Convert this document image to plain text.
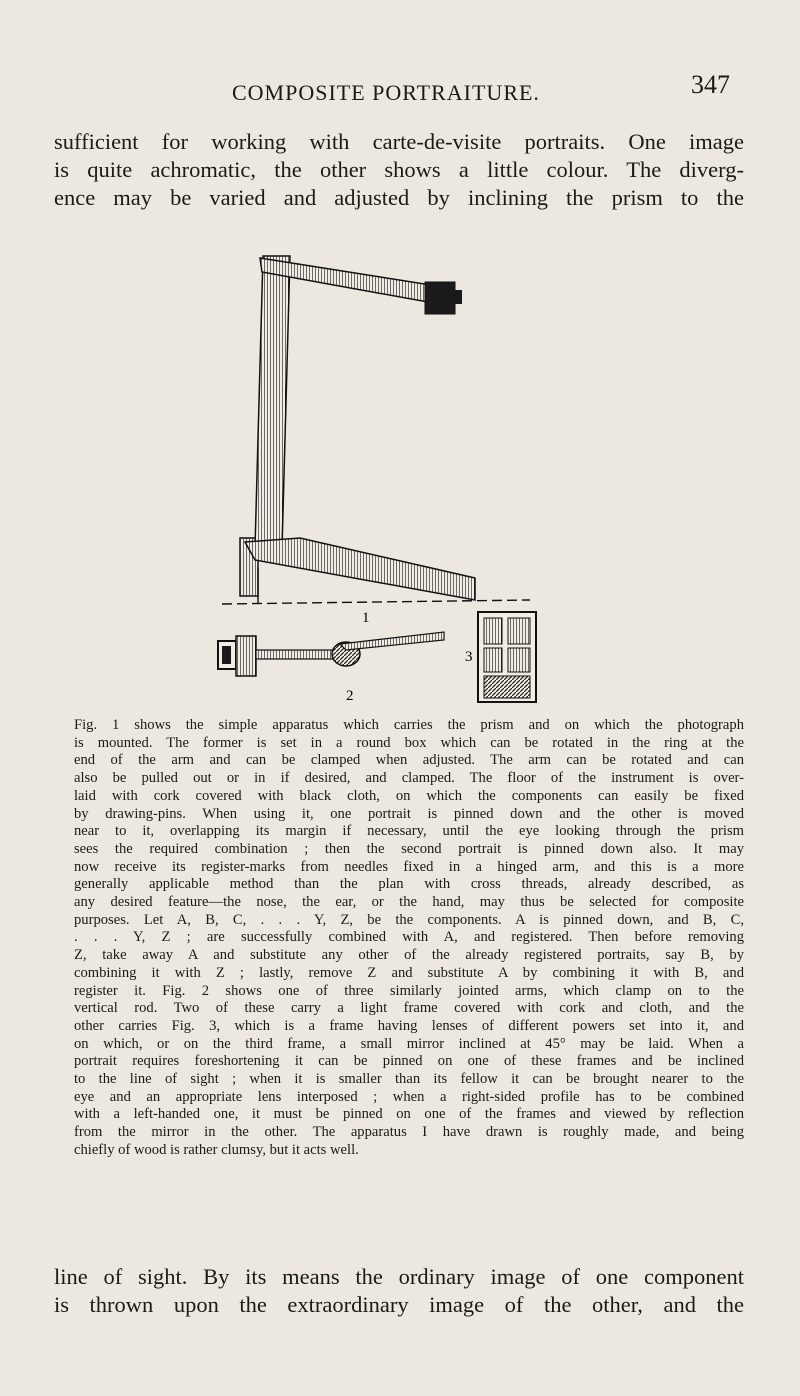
COMPOSITE PORTRAITURE.	347

sufficient for working with carte-de-visite portraits. One image
is quite achromatic, the other shows a little colour. The diverg-
ence may be varied and adjusted by inclining the prism to the

1
2
3

Fig. 1 shows the simple apparatus which carries the prism and on which the photograph
is mounted. The former is set in a round box which can be rotated in the ring at the
end of the arm and can be clamped when adjusted. The arm can be rotated and can
also be pulled out or in if desired, and clamped. The floor of the instrument is over-
laid with cork covered with black cloth, on which the components can easily be fixed
by drawing-pins. When using it, one portrait is pinned down and the other is moved
near to it, overlapping its margin if necessary, until the eye looking through the prism
sees the required combination ; then the second portrait is pinned down also. It may
now receive its register-marks from needles fixed in a hinged arm, and this is a more
generally applicable method than the plan with cross threads, already described, as
any desired feature—the nose, the ear, or the hand, may thus be selected for composite
purposes. Let A, B, C, . . . Y, Z, be the components. A is pinned down, and B, C,
. . . Y, Z ; are successfully combined with A, and registered. Then before removing
Z, take away A and substitute any other of the already registered portraits, say B, by
combining it with Z ; lastly, remove Z and substitute A by combining it with B, and
register it. Fig. 2 shows one of three similarly jointed arms, which clamp on to the
vertical rod. Two of these carry a light frame covered with cork and cloth, and the
other carries Fig. 3, which is a frame having lenses of different powers set into it, and
on which, or on the third frame, a small mirror inclined at 45° may be laid. When a
portrait requires foreshortening it can be pinned on one of these frames and be inclined
to the line of sight ; when it is smaller than its fellow it can be brought nearer to the
eye and an appropriate lens interposed ; when a right-sided profile has to be combined
with a left-handed one, it must be pinned on one of the frames and viewed by reflection
from the mirror in the other. The apparatus I have drawn is roughly made, and being
chiefly of wood is rather clumsy, but it acts well.

line of sight. By its means the ordinary image of one component
is thrown upon the extraordinary image of the other, and the
